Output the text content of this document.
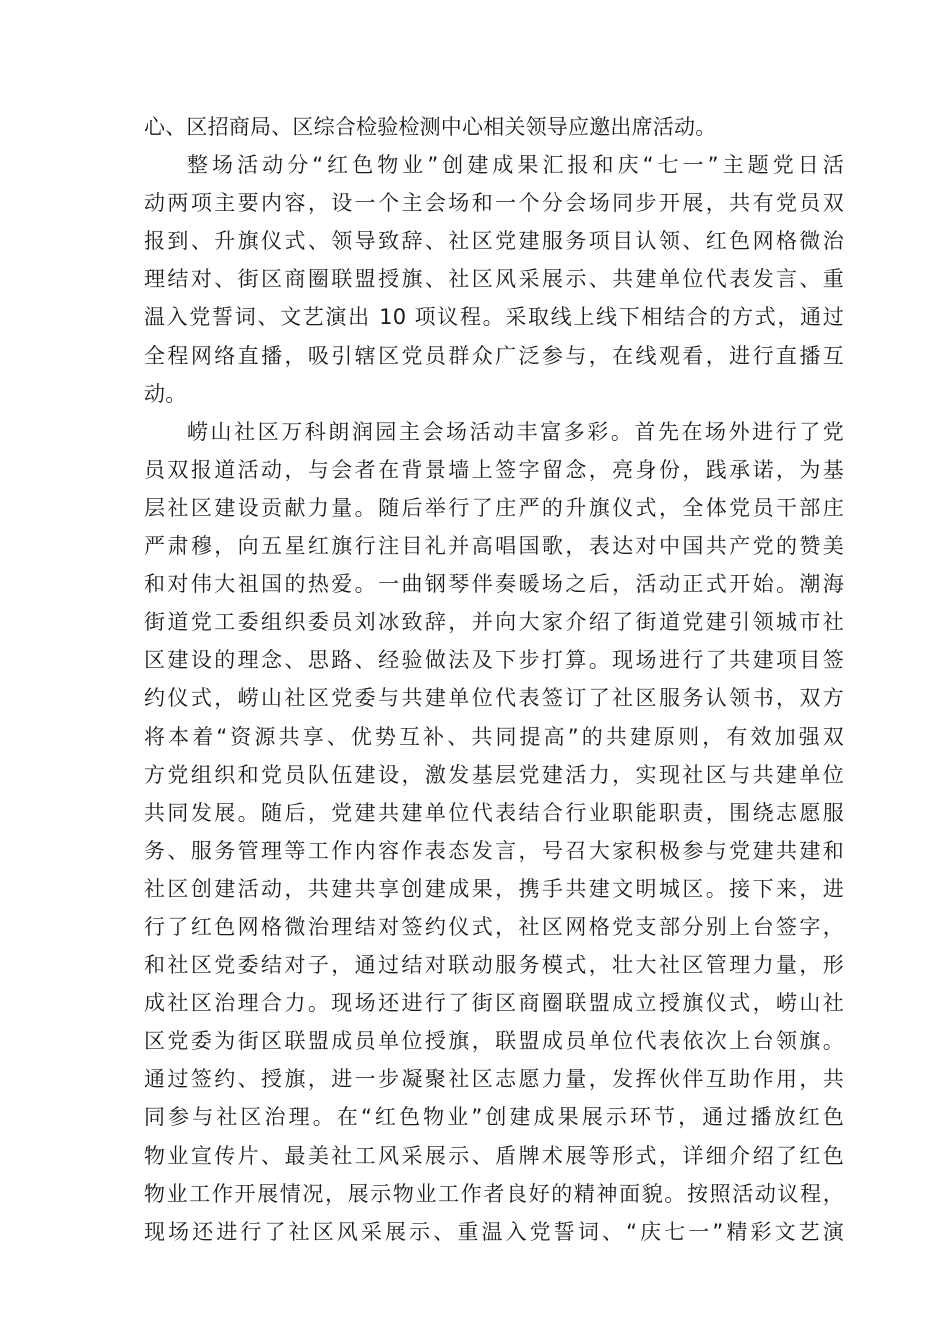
心、区招商局、区综合检验检测中心相关领导应邀出席活动。
整场活动分“红色物业”创建成果汇报和庆“七一”主题党日活
动两项主要内容，设一个主会场和一个分会场同步开展，共有党员双
报到、升旗仪式、领导致辞、社区党建服务项目认领、红色网格微治
理结对、街区商圈联盟授旗、社区风采展示、共建单位代表发言、重
温入党誓词、文艺演出 10 项议程。采取线上线下相结合的方式，通过
全程网络直播，吸引辖区党员群众广泛参与，在线观看，进行直播互
动。
崂山社区万科朗润园主会场活动丰富多彩。首先在场外进行了党
员双报道活动，与会者在背景墙上签字留念，亮身份，践承诺，为基
层社区建设贡献力量。随后举行了庄严的升旗仪式，全体党员干部庄
严肃穆，向五星红旗行注目礼并高唱国歌，表达对中国共产党的赞美
和对伟大祖国的热爱。一曲钢琴伴奏暖场之后，活动正式开始。潮海
街道党工委组织委员刘冰致辞，并向大家介绍了街道党建引领城市社
区建设的理念、思路、经验做法及下步打算。现场进行了共建项目签
约仪式，崂山社区党委与共建单位代表签订了社区服务认领书，双方
将本着“资源共享、优势互补、共同提高”的共建原则，有效加强双
方党组织和党员队伍建设，激发基层党建活力，实现社区与共建单位
共同发展。随后，党建共建单位代表结合行业职能职责，围绕志愿服
务、服务管理等工作内容作表态发言，号召大家积极参与党建共建和
社区创建活动，共建共享创建成果，携手共建文明城区。接下来，进
行了红色网格微治理结对签约仪式，社区网格党支部分别上台签字，
和社区党委结对子，通过结对联动服务模式，壮大社区管理力量，形
成社区治理合力。现场还进行了街区商圈联盟成立授旗仪式，崂山社
区党委为街区联盟成员单位授旗，联盟成员单位代表依次上台领旗。
通过签约、授旗，进一步凝聚社区志愿力量，发挥伙伴互助作用，共
同参与社区治理。在“红色物业”创建成果展示环节，通过播放红色
物业宣传片、最美社工风采展示、盾牌术展等形式，详细介绍了红色
物业工作开展情况，展示物业工作者良好的精神面貌。按照活动议程，
现场还进行了社区风采展示、重温入党誓词、“庆七一”精彩文艺演
